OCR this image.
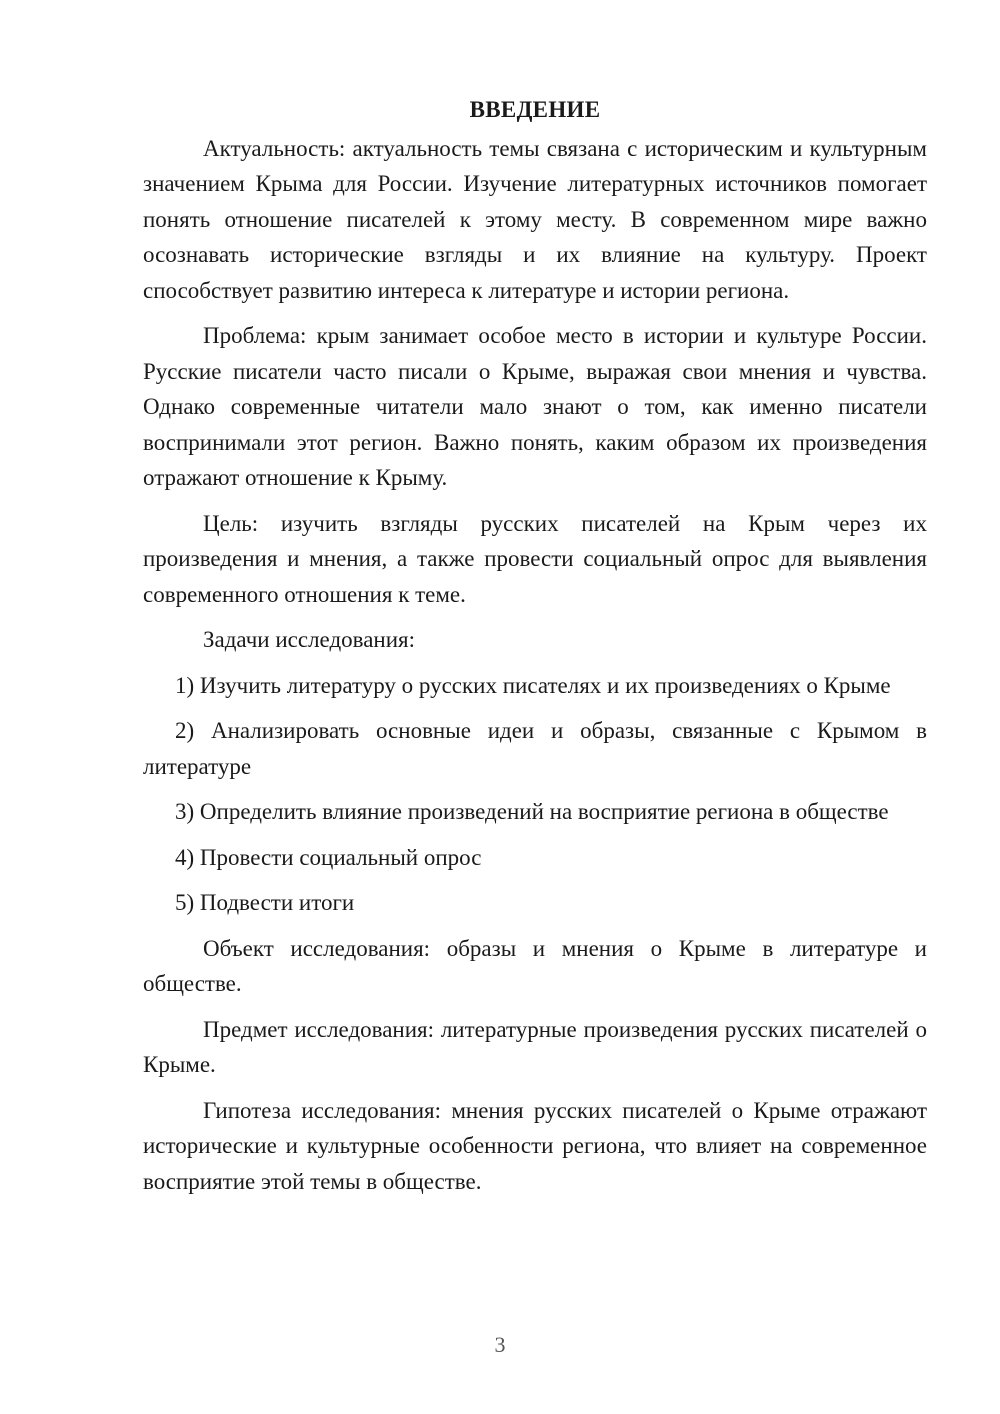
ВВЕДЕНИЕ

Актуальность: актуальность темы связана с историческим и культурным значением Крыма для России. Изучение литературных источников помогает понять отношение писателей к этому месту. В современном мире важно осознавать исторические взгляды и их влияние на культуру. Проект способствует развитию интереса к литературе и истории региона.

Проблема: крым занимает особое место в истории и культуре России. Русские писатели часто писали о Крыме, выражая свои мнения и чувства. Однако современные читатели мало знают о том, как именно писатели воспринимали этот регион. Важно понять, каким образом их произведения отражают отношение к Крыму.

Цель: изучить взгляды русских писателей на Крым через их произведения и мнения, а также провести социальный опрос для выявления современного отношения к теме.

Задачи исследования:

1) Изучить литературу о русских писателях и их произведениях о Крыме

2) Анализировать основные идеи и образы, связанные с Крымом в литературе

3) Определить влияние произведений на восприятие региона в обществе

4) Провести социальный опрос

5) Подвести итоги

Объект исследования: образы и мнения о Крыме в литературе и обществе.

Предмет исследования: литературные произведения русских писателей о Крыме.

Гипотеза исследования: мнения русских писателей о Крыме отражают исторические и культурные особенности региона, что влияет на современное восприятие этой темы в обществе.

3
